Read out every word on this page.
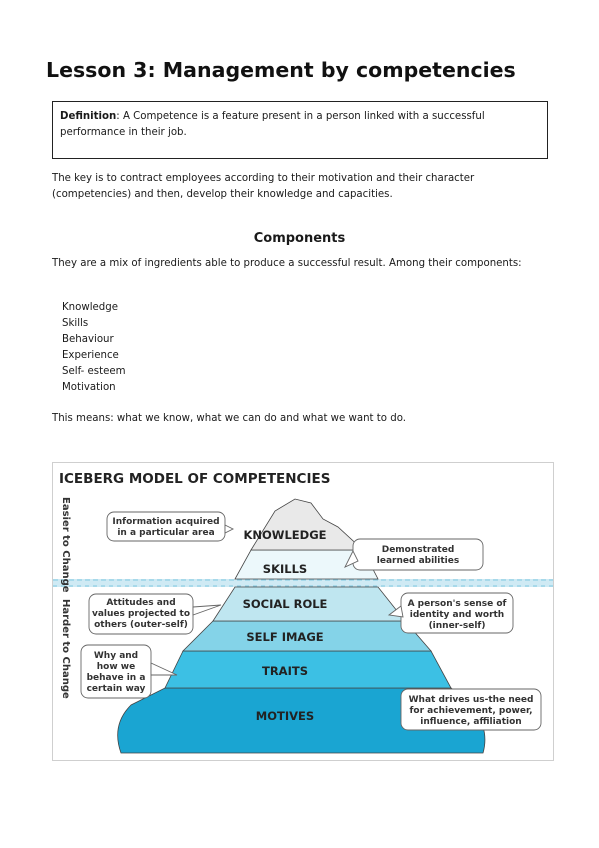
Lesson 3: Management by competencies
Definition: A Competence is a feature present in a person linked with a successful performance in their job.
The key is to contract employees according to their motivation and their character (competencies) and then, develop their knowledge and capacities.
Components
They are a mix of ingredients able to produce a successful result. Among their components:
Knowledge
Skills
Behaviour
Experience
Self- esteem
Motivation
This means: what we know, what we can do and what we want to do.
ICEBERG MODEL OF COMPETENCIES
Easier to Change
Harder to Change
KNOWLEDGE
SKILLS
SOCIAL ROLE
SELF IMAGE
TRAITS
MOTIVES
Information acquired
in a particular area
Demonstrated
learned abilities
Attitudes and
values projected to
others (outer-self)
A person's sense of
identity and worth
(inner-self)
Why and
how we
behave in a
certain way
What drives us-the need
for achievement, power,
influence, affiliation
